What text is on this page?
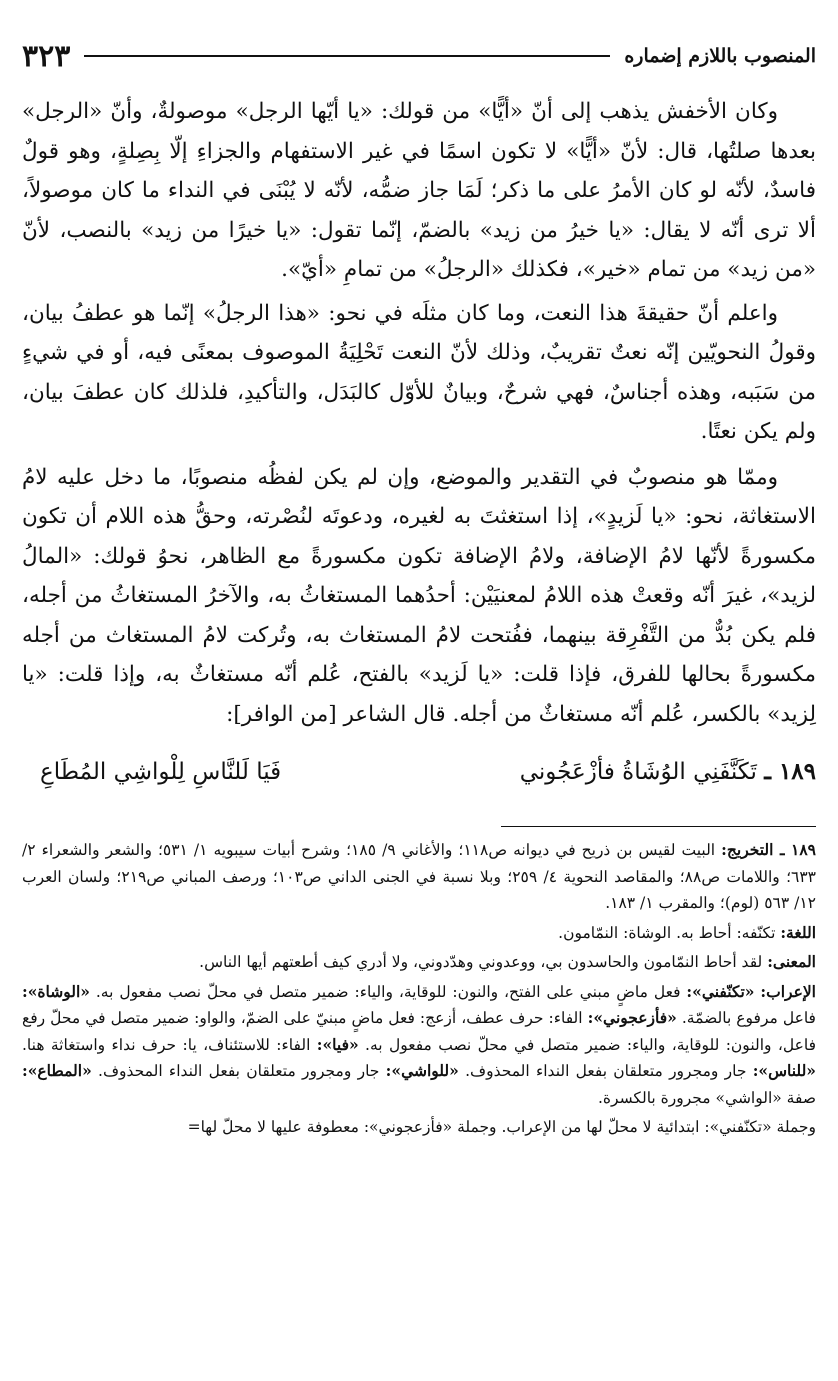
المنصوب باللازم إضماره
٣٢٣

وكان الأخفش يذهب إلى أنّ «أيًّا» من قولك: «يا أيّها الرجل» موصولةٌ، وأنّ «الرجل» بعدها صلتُها، قال: لأنّ «أيًّا» لا تكون اسمًا في غير الاستفهام والجزاءِ إلّا بِصِلةٍ، وهو قولٌ فاسدٌ، لأنّه لو كان الأمرُ على ما ذكر؛ لَمَا جاز ضمُّه، لأنّه لا يُبْنَى في النداء ما كان موصولاً، ألا ترى أنّه لا يقال: «يا خيرُ من زيد» بالضمّ، إنّما تقول: «يا خيرًا من زيد» بالنصب، لأنّ «من زيد» من تمام «خير»، فكذلك «الرجلُ» من تمامِ «أيّ».

واعلم أنّ حقيقةَ هذا النعت، وما كان مثلَه في نحو: «هذا الرجلُ» إنّما هو عطفُ بيان، وقولُ النحويّين إنّه نعتٌ تقريبٌ، وذلك لأنّ النعت تَحْلِيَةُ الموصوف بمعنًى فيه، أو في شيءٍ من سَبَبه، وهذه أجناسٌ، فهي شرحٌ، وبيانٌ للأوّل كالبَدَل، والتأكيدِ، فلذلك كان عطفَ بيان، ولم يكن نعتًا.

وممّا هو منصوبٌ في التقدير والموضع، وإن لم يكن لفظُه منصوبًا، ما دخل عليه لامُ الاستغاثة، نحو: «يا لَزيدٍ»، إذا استغثتَ به لغيره، ودعوتَه لنُصْرته، وحقُّ هذه اللام أن تكون مكسورةً لأنّها لامُ الإضافة، ولامُ الإضافة تكون مكسورةً مع الظاهر، نحوُ قولك: «المالُ لزيد»، غيرَ أنّه وقعتْ هذه اللامُ لمعنيَيْن: أحدُهما المستغاثُ به، والآخرُ المستغاثُ من أجله، فلم يكن بُدٌّ من التَّفْرِقة بينهما، ففُتحت لامُ المستغاث به، وتُركت لامُ المستغاث من أجله مكسورةً بحالها للفرق، فإذا قلت: «يا لَزيد» بالفتح، عُلم أنّه مستغاثٌ به، وإذا قلت: «يا لِزيد» بالكسر، عُلم أنّه مستغاثٌ من أجله. قال الشاعر [من الوافر]:

١٨٩ ـ تَكَنَّفَنِي الوُشَاةُ فأزْعَجُوني
فَيَا لَلنَّاسِ لِلْواشِي المُطَاعِ

١٨٩ ـ التخريج: البيت لقيس بن ذريح في ديوانه ص١١٨؛ والأغاني ٩/ ١٨٥؛ وشرح أبيات سيبويه ١/ ٥٣١؛ والشعر والشعراء ٢/ ٦٣٣؛ واللامات ص٨٨؛ والمقاصد النحوية ٤/ ٢٥٩؛ وبلا نسبة في الجنى الداني ص١٠٣؛ ورصف المباني ص٢١٩؛ ولسان العرب ١٢/ ٥٦٣ (لوم)؛ والمقرب ١/ ١٨٣.

اللغة: تكنّفه: أحاط به. الوشاة: النمّامون.

المعنى: لقد أحاط النمّامون والحاسدون بي، ووعدوني وهدّدوني، ولا أدري كيف أطعتهم أيها الناس.

الإعراب: «تكنّفني»: فعل ماضٍ مبني على الفتح، والنون: للوقاية، والياء: ضمير متصل في محلّ نصب مفعول به. «الوشاة»: فاعل مرفوع بالضمّة. «فأزعجوني»: الفاء: حرف عطف، أزعج: فعل ماضٍ مبنيّ على الضمّ، والواو: ضمير متصل في محلّ رفع فاعل، والنون: للوقاية، والياء: ضمير متصل في محلّ نصب مفعول به. «فيا»: الفاء: للاستئناف، يا: حرف نداء واستغاثة هنا. «للناس»: جار ومجرور متعلقان بفعل النداء المحذوف. «للواشي»: جار ومجرور متعلقان بفعل النداء المحذوف. «المطاع»: صفة «الواشي» مجرورة بالكسرة.

وجملة «تكنّفني»: ابتدائية لا محلّ لها من الإعراب. وجملة «فأزعجوني»: معطوفة عليها لا محلّ لها=
